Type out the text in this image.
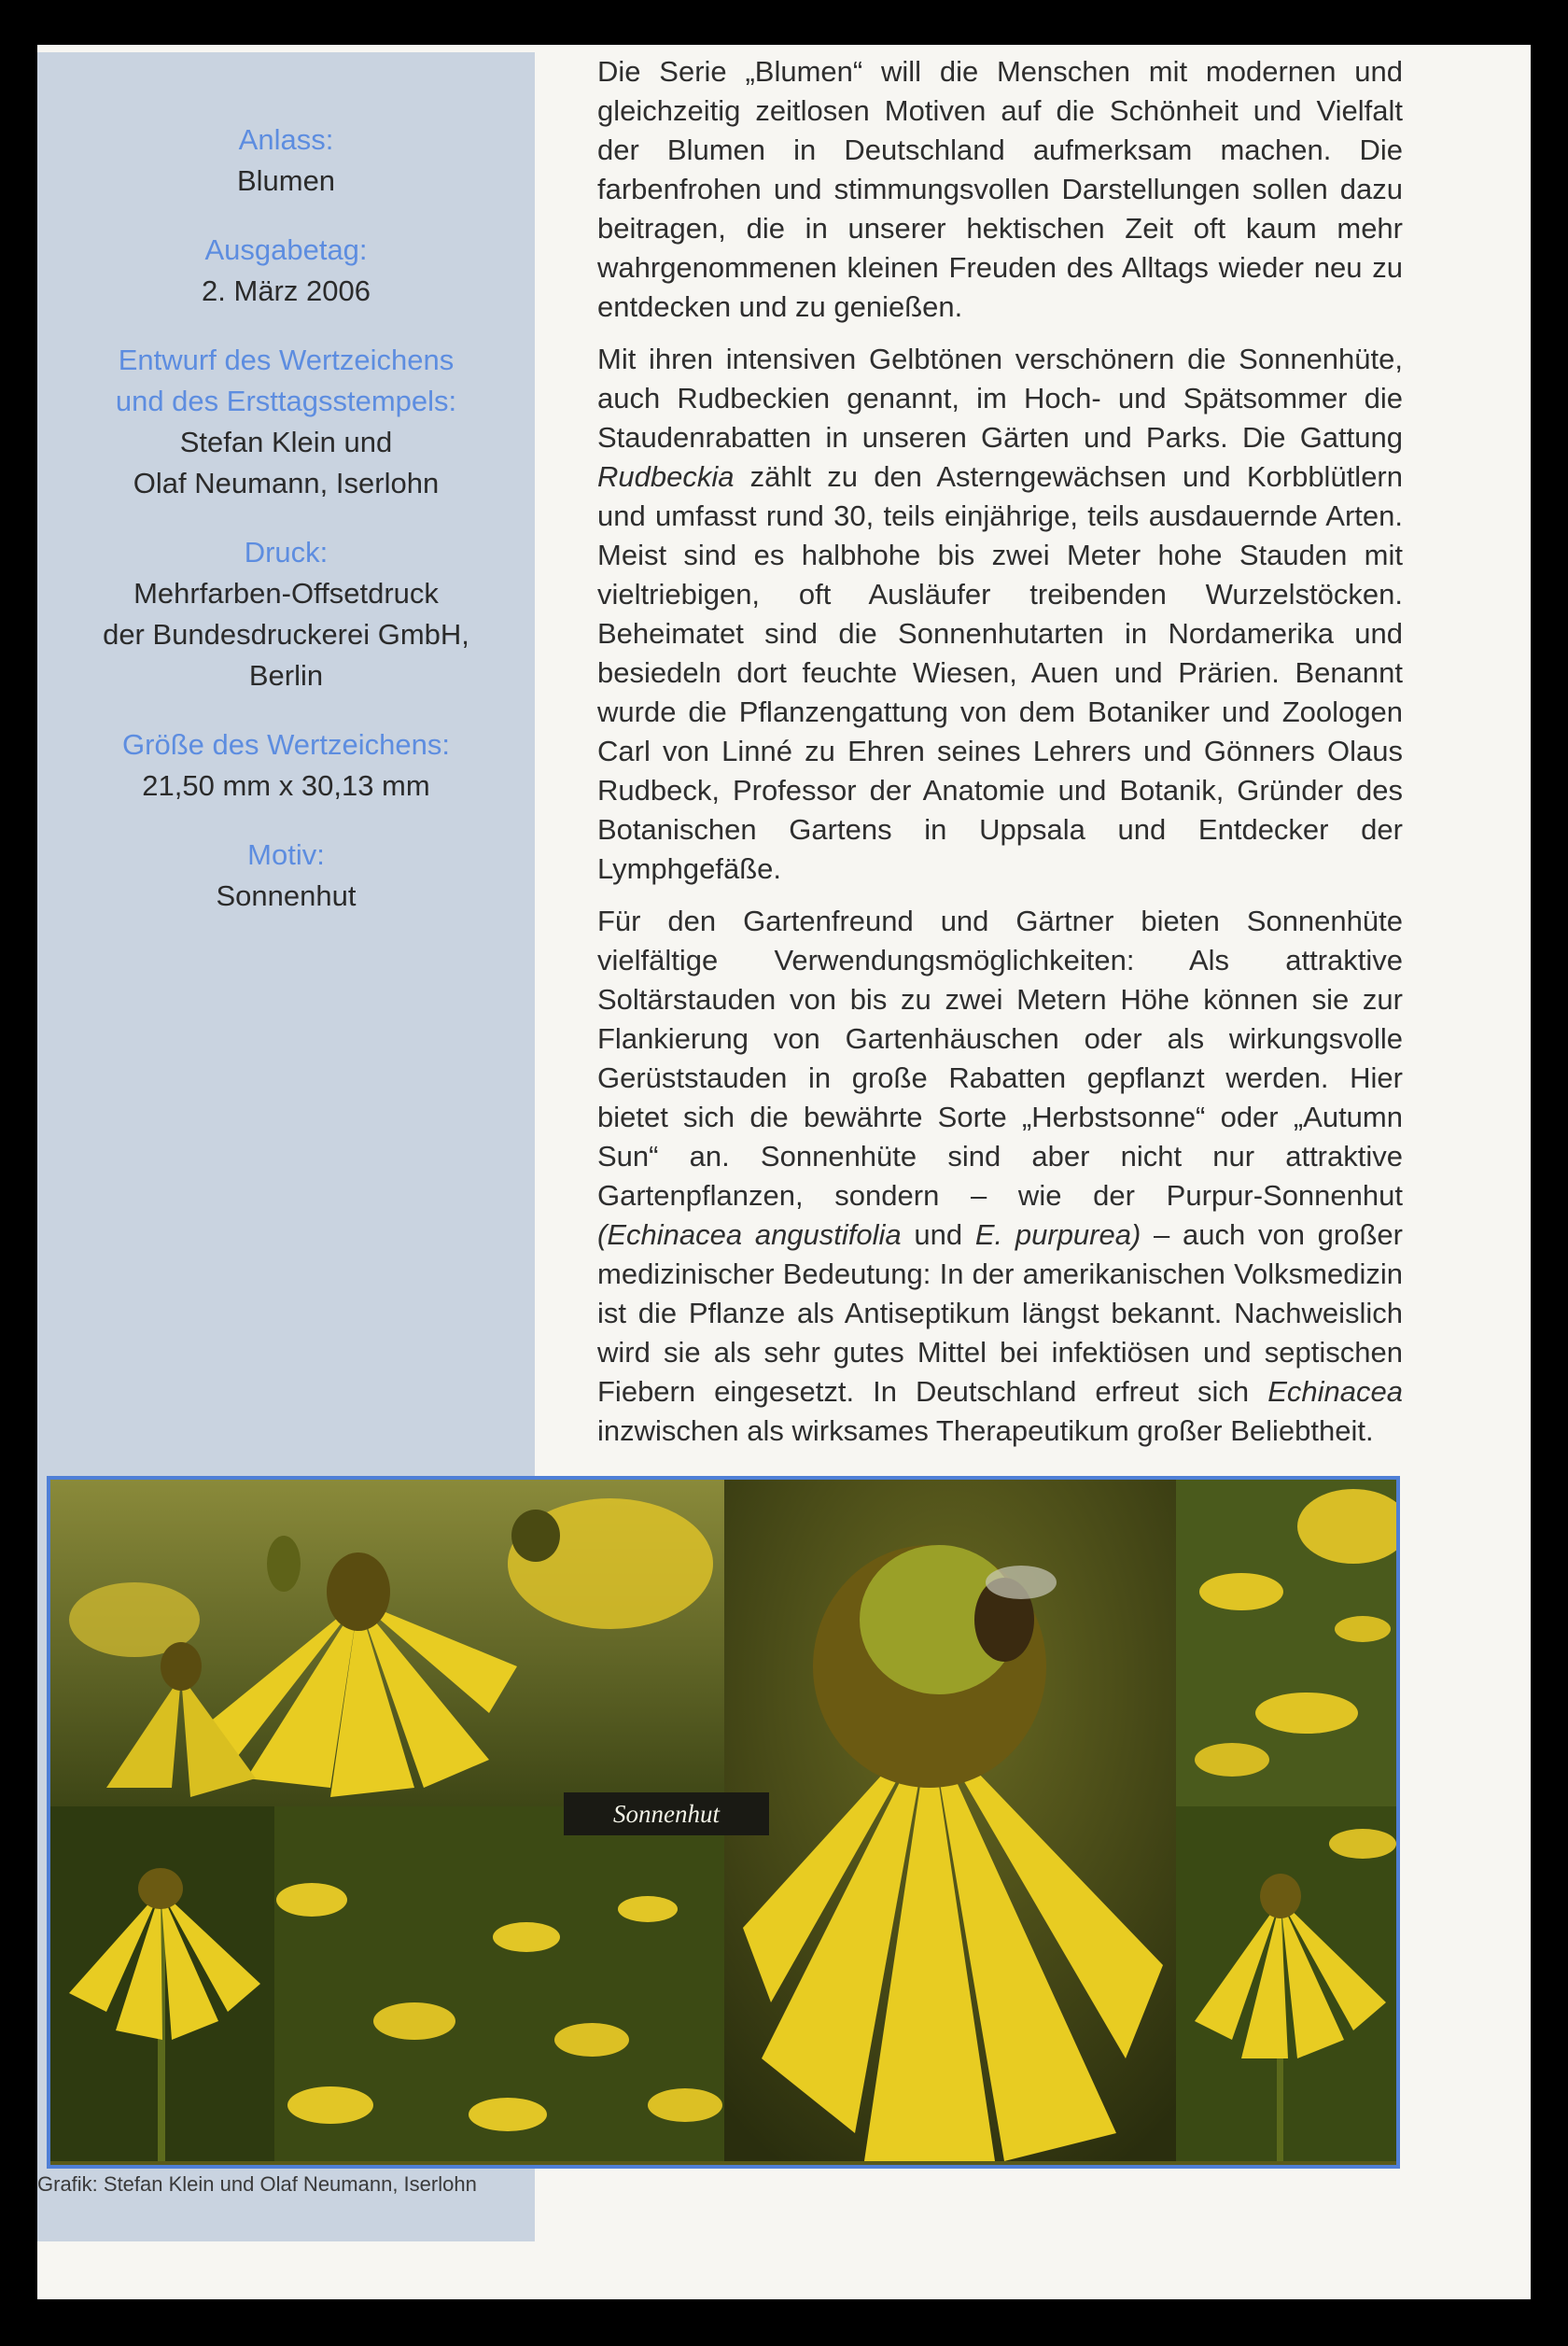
Anlass:

Blumen

Ausgabetag:

2. März 2006

Entwurf des Wertzeichens

und des Ersttagsstempels:

Stefan Klein und

Olaf Neumann, Iserlohn

Druck:

Mehrfarben-Offsetdruck

der Bundesdruckerei GmbH,

Berlin

Größe des Wertzeichens:

21,50 mm x 30,13 mm

Motiv:

Sonnenhut

Die Serie „Blumen“ will die Menschen mit modernen und gleichzeitig zeitlosen Motiven auf die Schönheit und Vielfalt der Blumen in Deutschland aufmerksam machen. Die farbenfrohen und stimmungsvollen Darstellungen sollen dazu beitragen, die in unserer hektischen Zeit oft kaum mehr wahrgenommenen kleinen Freuden des Alltags wieder neu zu entdecken und zu genießen.

Mit ihren intensiven Gelbtönen verschönern die Sonnenhüte, auch Rudbeckien genannt, im Hoch- und Spätsommer die Staudenrabatten in unseren Gärten und Parks. Die Gattung Rudbeckia zählt zu den Asterngewächsen und Korbblütlern und umfasst rund 30, teils einjährige, teils ausdauernde Arten. Meist sind es halbhohe bis zwei Meter hohe Stauden mit vieltriebigen, oft Ausläufer treibenden Wurzelstöcken. Beheimatet sind die Sonnenhutarten in Nordamerika und besiedeln dort feuchte Wiesen, Auen und Prärien. Benannt wurde die Pflanzengattung von dem Botaniker und Zoologen Carl von Linné zu Ehren seines Lehrers und Gönners Olaus Rudbeck, Professor der Anatomie und Botanik, Gründer des Botanischen Gartens in Uppsala und Entdecker der Lymphgefäße.

Für den Gartenfreund und Gärtner bieten Sonnenhüte vielfältige Verwendungsmöglichkeiten: Als attraktive Soltärstauden von bis zu zwei Metern Höhe können sie zur Flankierung von Gartenhäuschen oder als wirkungsvolle Gerüststauden in große Rabatten gepflanzt werden. Hier bietet sich die bewährte Sorte „Herbstsonne“ oder „Autumn Sun“ an. Sonnenhüte sind aber nicht nur attraktive Gartenpflanzen, sondern – wie der Purpur-Sonnenhut (Echinacea angustifolia und E. purpurea) – auch von großer medizinischer Bedeutung: In der amerikanischen Volksmedizin ist die Pflanze als Antiseptikum längst bekannt. Nachweislich wird sie als sehr gutes Mittel bei infektiösen und septischen Fiebern eingesetzt. In Deutschland erfreut sich Echinacea inzwischen als wirksames Therapeutikum großer Beliebtheit.

Sonnenhut
Grafik: Stefan Klein und Olaf Neumann, Iserlohn
